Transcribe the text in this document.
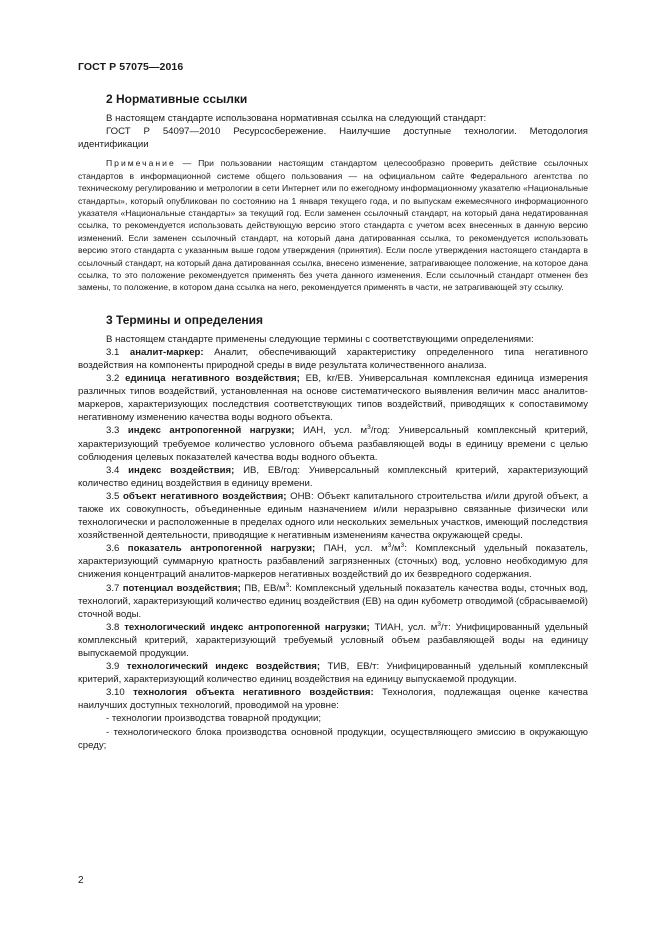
ГОСТ Р 57075—2016
2 Нормативные ссылки

В настоящем стандарте использована нормативная ссылка на следующий стандарт:

ГОСТ Р 54097—2010 Ресурсосбережение. Наилучшие доступные технологии. Методология идентификации

Примечание — При пользовании настоящим стандартом целесообразно проверить действие ссылочных стандартов в информационной системе общего пользования — на официальном сайте Федерального агентства по техническому регулированию и метрологии в сети Интернет или по ежегодному информационному указателю «Национальные стандарты», который опубликован по состоянию на 1 января текущего года, и по выпускам ежемесячного информационного указателя «Национальные стандарты» за текущий год. Если заменен ссылочный стандарт, на который дана недатированная ссылка, то рекомендуется использовать действующую версию этого стандарта с учетом всех внесенных в данную версию изменений. Если заменен ссылочный стандарт, на который дана датированная ссылка, то рекомендуется использовать версию этого стандарта с указанным выше годом утверждения (принятия). Если после утверждения настоящего стандарта в ссылочный стандарт, на который дана датированная ссылка, внесено изменение, затрагивающее положение, на которое дана ссылка, то это положение рекомендуется применять без учета данного изменения. Если ссылочный стандарт отменен без замены, то положение, в котором дана ссылка на него, рекомендуется применять в части, не затрагивающей эту ссылку.
3 Термины и определения

В настоящем стандарте применены следующие термины с соответствующими определениями:

3.1 аналит-маркер: Аналит, обеспечивающий характеристику определенного типа негативного воздействия на компоненты природной среды в виде результата количественного анализа.

3.2 единица негативного воздействия; ЕВ, kr/ЕВ. Универсальная комплексная единица измерения различных типов воздействий, установленная на основе систематического выявления величин масс аналитов-маркеров, характеризующих последствия соответствующих типов воздействий, приводящих к сопоставимому негативному изменению качества воды водного объекта.

3.3 индекс антропогенной нагрузки; ИАН, усл. $м^3$/год: Универсальный комплексный критерий, характеризующий требуемое количество условного объема разбавляющей воды в единицу времени с целью соблюдения целевых показателей качества воды водного объекта.

3.4 индекс воздействия; ИВ, ЕВ/год: Универсальный комплексный критерий, характеризующий количество единиц воздействия в единицу времени.

3.5 объект негативного воздействия; ОНВ: Объект капитального строительства и/или другой объект, а также их совокупность, объединенные единым назначением и/или неразрывно связанные физически или технологически и расположенные в пределах одного или нескольких земельных участков, имеющий последствия хозяйственной деятельности, приводящие к негативным изменениям качества окружающей среды.

3.6 показатель антропогенной нагрузки; ПАН, усл. $м^3/м^3$: Комплексный удельный показатель, характеризующий суммарную кратность разбавлений загрязненных (сточных) вод, условно необходимую для снижения концентраций аналитов-маркеров негативных воздействий до их безвредного содержания.

3.7 потенциал воздействия; ПВ, $ЕВ/м^3$: Комплексный удельный показатель качества воды, сточных вод, технологий, характеризующий количество единиц воздействия (ЕВ) на один кубометр отводимой (сбрасываемой) сточной воды.

3.8 технологический индекс антропогенной нагрузки; ТИАН, усл. $м^3/т$: Унифицированный удельный комплексный критерий, характеризующий требуемый условный объем разбавляющей воды на единицу выпускаемой продукции.

3.9 технологический индекс воздействия; ТИВ, ЕВ/т: Унифицированный удельный комплексный критерий, характеризующий количество единиц воздействия на единицу выпускаемой продукции.

3.10 технология объекта негативного воздействия: Технология, подлежащая оценке качества наилучших доступных технологий, проводимой на уровне:

- технологии производства товарной продукции;

- технологического блока производства основной продукции, осуществляющего эмиссию в окружающую среду;

2
